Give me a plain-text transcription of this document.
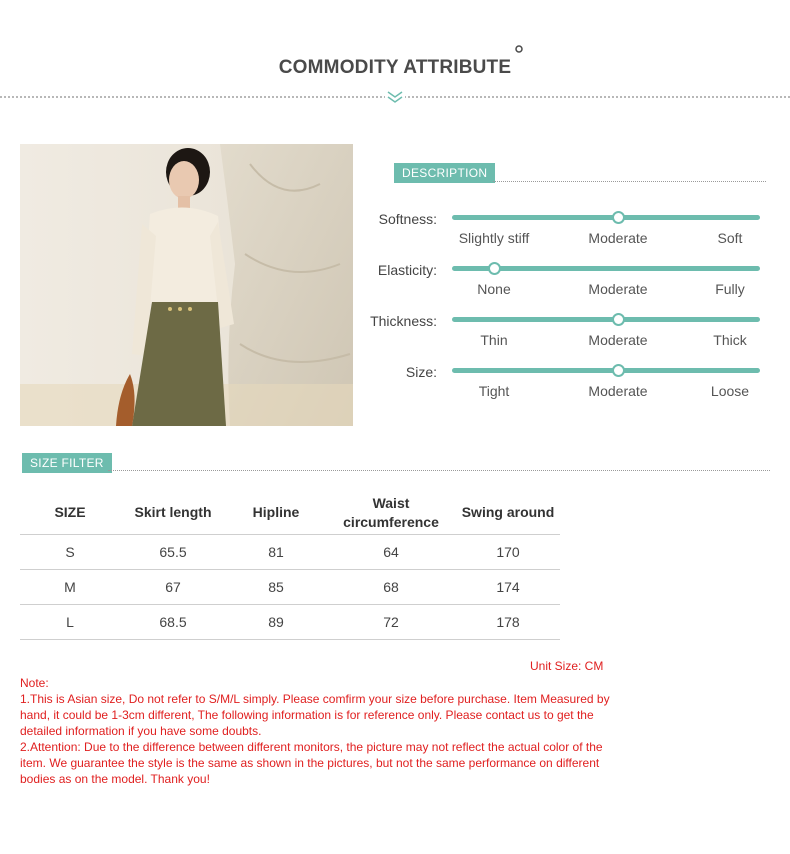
COMMODITY ATTRIBUTE
DESCRIPTION
Softness:
Slightly stiff	Moderate	Soft
Elasticity:
None	Moderate	Fully
Thickness:
Thin	Moderate	Thick
Size:
Tight	Moderate	Loose
SIZE FILTER
SIZE	Skirt length	Hipline	Waist circumference	Swing around
S	65.5	81	64	170
M	67	85	68	174
L	68.5	89	72	178
Unit Size: CM

Note:

1.This is Asian size, Do not refer to S/M/L simply. Please comfirm your size before purchase. Item Measured by hand, it could be 1-3cm different, The following information is for reference only. Please contact us to get the detailed information if you have some doubts.

2.Attention: Due to the difference between different monitors, the picture may not reflect the actual color of the item. We guarantee the style is the same as shown in the pictures, but not the same performance on different bodies as on the model. Thank you!
